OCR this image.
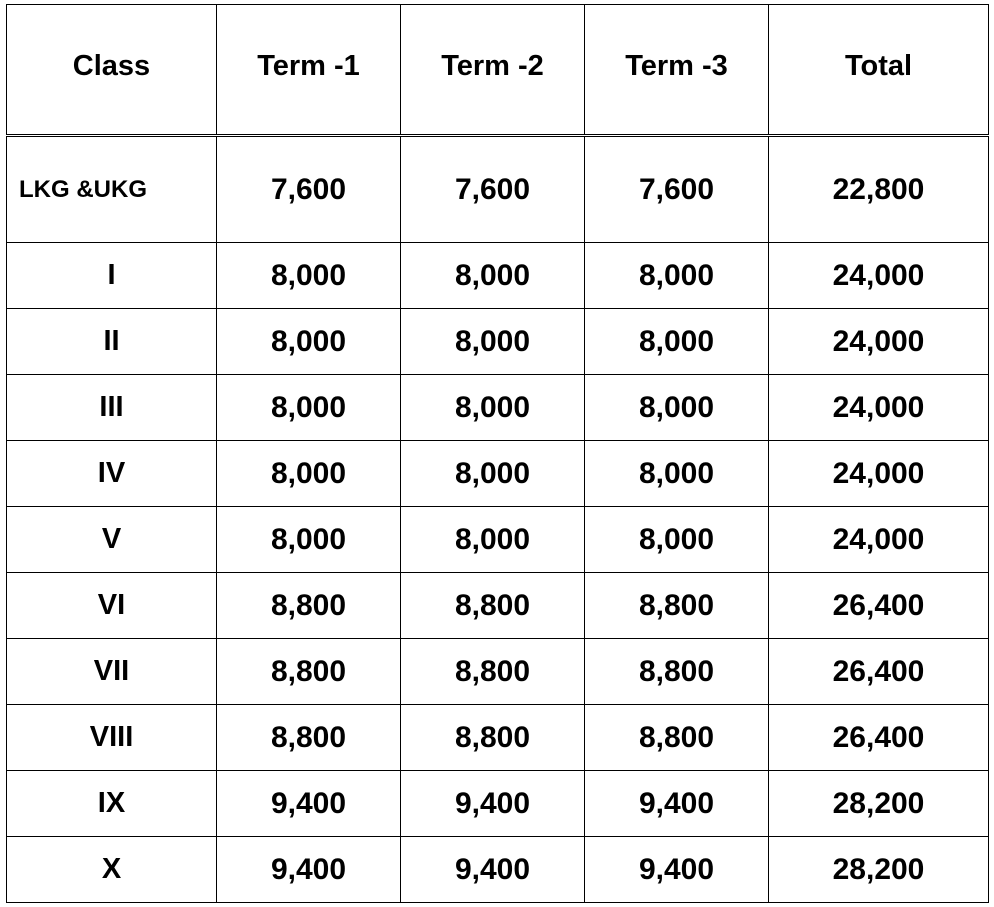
Class	Term -1	Term -2	Term -3	Total
LKG &UKG	7,600	7,600	7,600	22,800
I	8,000	8,000	8,000	24,000
II	8,000	8,000	8,000	24,000
III	8,000	8,000	8,000	24,000
IV	8,000	8,000	8,000	24,000
V	8,000	8,000	8,000	24,000
VI	8,800	8,800	8,800	26,400
VII	8,800	8,800	8,800	26,400
VIII	8,800	8,800	8,800	26,400
IX	9,400	9,400	9,400	28,200
X	9,400	9,400	9,400	28,200
